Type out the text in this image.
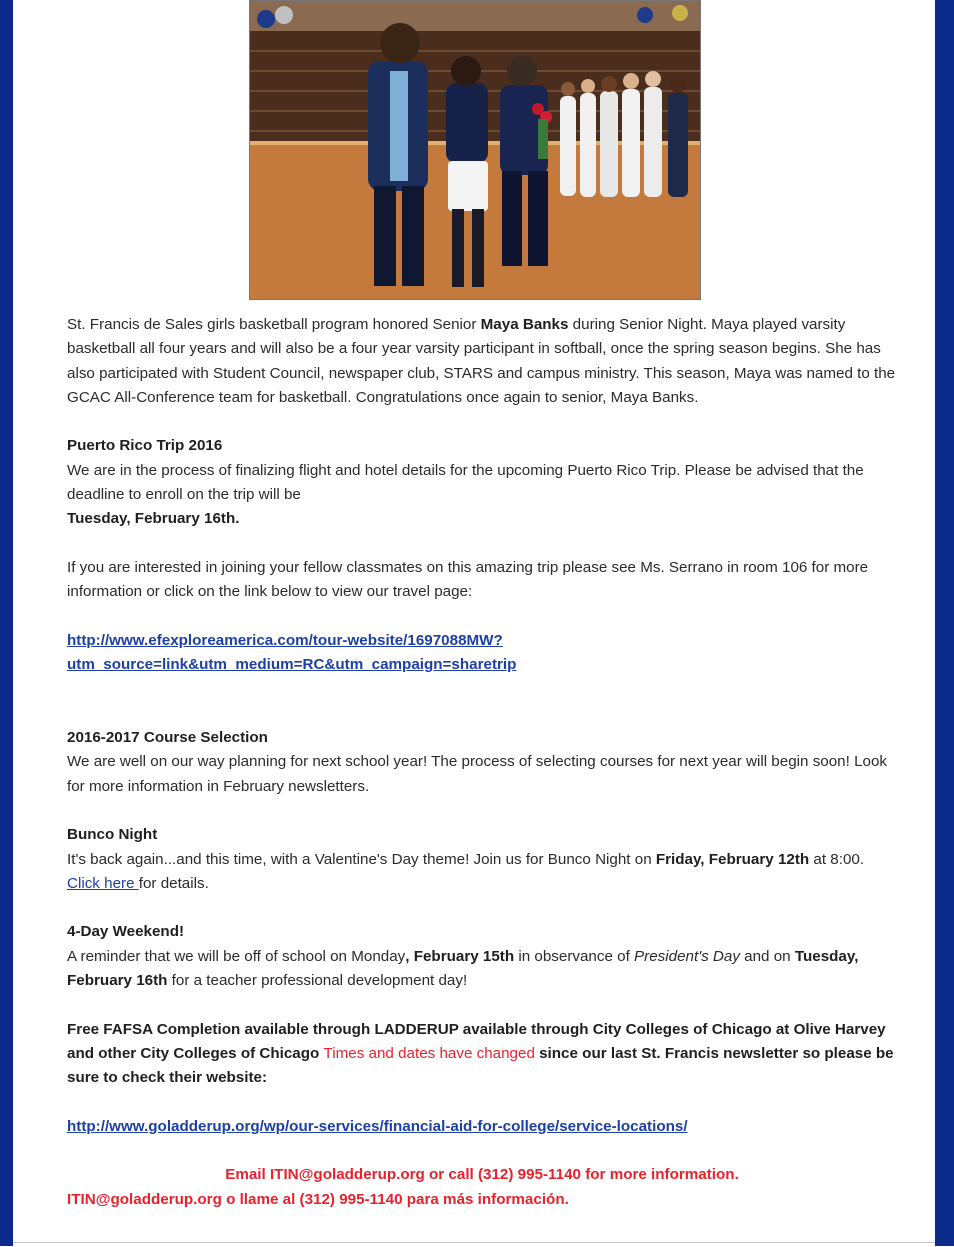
St. Francis de Sales girls basketball program honored Senior Maya Banks during Senior Night. Maya played varsity basketball all four years and will also be a four year varsity participant in softball, once the spring season begins. She has also participated with Student Council, newspaper club, STARS and campus ministry. This season, Maya was named to the GCAC All-Conference team for basketball. Congratulations once again to senior, Maya Banks.

Puerto Rico Trip 2016

We are in the process of finalizing flight and hotel details for the upcoming Puerto Rico Trip. Please be advised that the deadline to enroll on the trip will be

Tuesday, February 16th.

If you are interested in joining your fellow classmates on this amazing trip please see Ms. Serrano in room 106 for more information or click on the link below to view our travel page:

http://www.efexploreamerica.com/tour-website/1697088MW?

utm_source=link&utm_medium=RC&utm_campaign=sharetrip

2016-2017 Course Selection

We are well on our way planning for next school year! The process of selecting courses for next year will begin soon! Look for more information in February newsletters.

Bunco Night

It's back again...and this time, with a Valentine's Day theme! Join us for Bunco Night on Friday, February 12th at 8:00. Click here for details.

4-Day Weekend!

A reminder that we will be off of school on Monday, February 15th in observance of President's Day and on Tuesday, February 16th for a teacher professional development day!

Free FAFSA Completion available through LADDERUP available through City Colleges of Chicago at Olive Harvey and other City Colleges of Chicago Times and dates have changed since our last St. Francis newsletter so please be sure to check their website:

http://www.goladderup.org/wp/our-services/financial-aid-for-college/service-locations/

Email ITIN@goladderup.org or call (312) 995-1140 for more information.

ITIN@goladderup.org o llame al (312) 995-1140 para más información.
